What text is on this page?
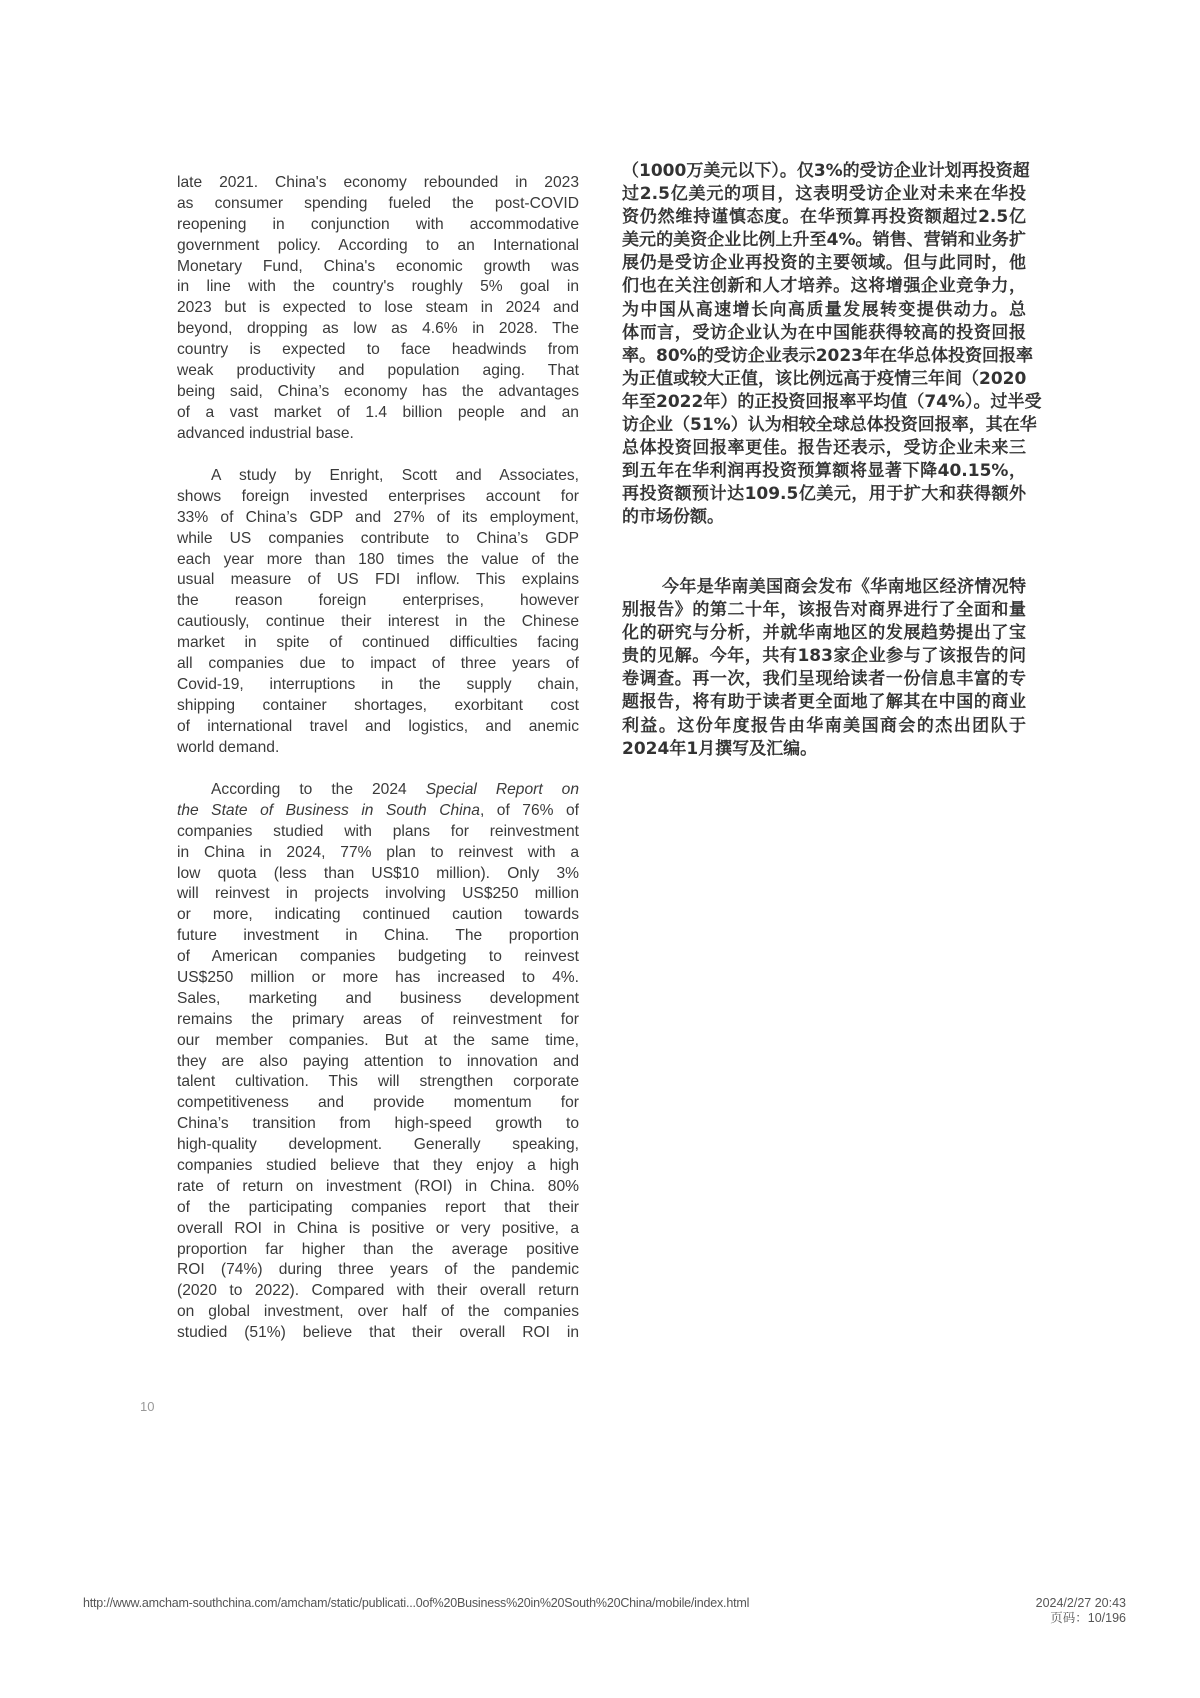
late 2021. China's economy rebounded in 2023
as consumer spending fueled the post-COVID
reopening in conjunction with accommodative
government policy. According to an International
Monetary Fund, China's economic growth was
in line with the country's roughly 5% goal in
2023 but is expected to lose steam in 2024 and
beyond, dropping as low as 4.6% in 2028. The
country is expected to face headwinds from
weak productivity and population aging. That
being said, China’s economy has the advantages
of a vast market of 1.4 billion people and an
advanced industrial base.
A study by Enright, Scott and Associates,
shows foreign invested enterprises account for
33% of China’s GDP and 27% of its employment,
while US companies contribute to China’s GDP
each year more than 180 times the value of the
usual measure of US FDI inflow. This explains
the reason foreign enterprises, however
cautiously, continue their interest in the Chinese
market in spite of continued difficulties facing
all companies due to impact of three years of
Covid-19, interruptions in the supply chain,
shipping container shortages, exorbitant cost
of international travel and logistics, and anemic
world demand.
According to the 2024 Special Report on
the State of Business in South China, of 76% of
companies studied with plans for reinvestment
in China in 2024, 77% plan to reinvest with a
low quota (less than US$10 million). Only 3%
will reinvest in projects involving US$250 million
or more, indicating continued caution towards
future investment in China. The proportion
of American companies budgeting to reinvest
US$250 million or more has increased to 4%.
Sales, marketing and business development
remains the primary areas of reinvestment for
our member companies. But at the same time,
they are also paying attention to innovation and
talent cultivation. This will strengthen corporate
competitiveness and provide momentum for
China’s transition from high-speed growth to
high-quality development. Generally speaking,
companies studied believe that they enjoy a high
rate of return on investment (ROI) in China. 80%
of the participating companies report that their
overall ROI in China is positive or very positive, a
proportion far higher than the average positive
ROI (74%) during three years of the pandemic
(2020 to 2022). Compared with their overall return
on global investment, over half of the companies
studied (51%) believe that their overall ROI in
（1000万美元以下）。仅3%的受访企业计划再投资超
过2.5亿美元的项目，这表明受访企业对未来在华投
资仍然维持谨慎态度。在华预算再投资额超过2.5亿
美元的美资企业比例上升至4%。销售、营销和业务扩
展仍是受访企业再投资的主要领域。但与此同时，他
们也在关注创新和人才培养。这将增强企业竞争力，
为中国从高速增长向高质量发展转变提供动力。总
体而言，受访企业认为在中国能获得较高的投资回报
率。80%的受访企业表示2023年在华总体投资回报率
为正值或较大正值，该比例远高于疫情三年间（2020
年至2022年）的正投资回报率平均值（74%）。过半受
访企业（51%）认为相较全球总体投资回报率，其在华
总体投资回报率更佳。报告还表示，受访企业未来三
到五年在华利润再投资预算额将显著下降40.15%，
再投资额预计达109.5亿美元，用于扩大和获得额外
的市场份额。
今年是华南美国商会发布《华南地区经济情况特
别报告》的第二十年，该报告对商界进行了全面和量
化的研究与分析，并就华南地区的发展趋势提出了宝
贵的见解。今年，共有183家企业参与了该报告的问
卷调查。再一次，我们呈现给读者一份信息丰富的专
题报告，将有助于读者更全面地了解其在中国的商业
利益。这份年度报告由华南美国商会的杰出团队于
2024年1月撰写及汇编。
10
http://www.amcham-southchina.com/amcham/static/publicati...0of%20Business%20in%20South%20China/mobile/index.html	2024/2/27 20:43
页码：10/196
